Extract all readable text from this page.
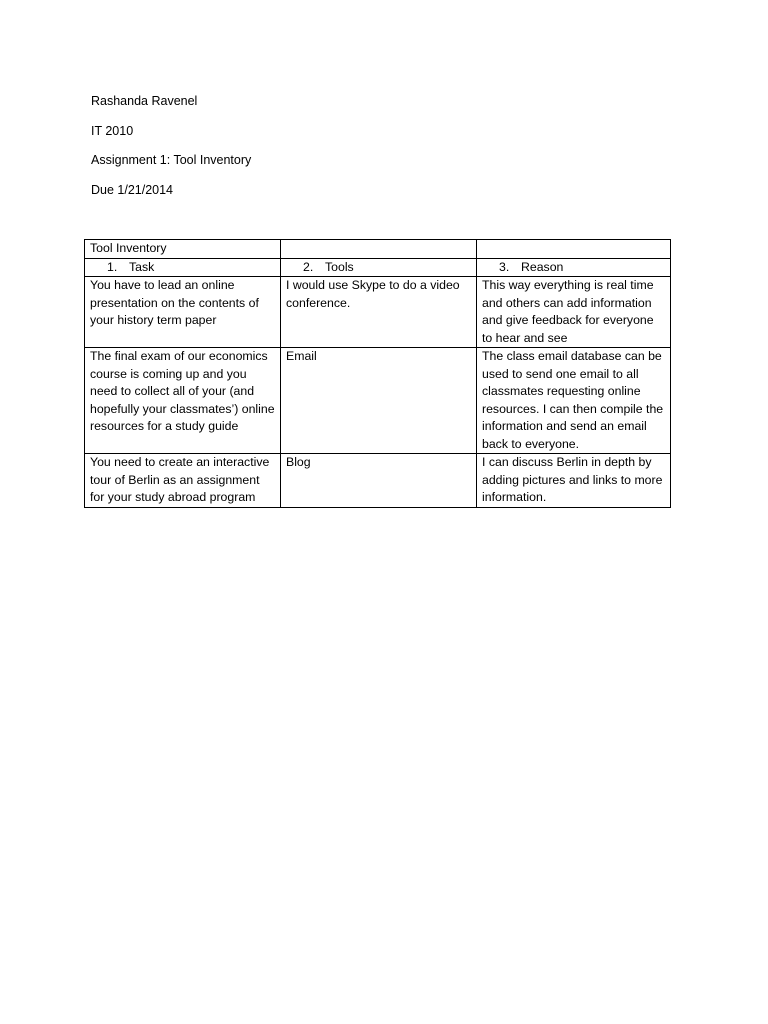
Rashanda Ravenel
IT 2010
Assignment 1: Tool Inventory
Due 1/21/2014
Tool Inventory		
1. Task	2. Tools	3. Reason
You have to lead an online presentation on the contents of your history term paper	I would use Skype to do a video conference.	This way everything is real time and others can add information and give feedback for everyone to hear and see
The final exam of our economics course is coming up and you need to collect all of your (and hopefully your classmates’) online resources for a study guide	Email	The class email database can be used to send one email to all classmates requesting online resources. I can then compile the information and send an email back to everyone.
You need to create an interactive tour of Berlin as an assignment for your study abroad program	Blog	I can discuss Berlin in depth by adding pictures and links to more information.
